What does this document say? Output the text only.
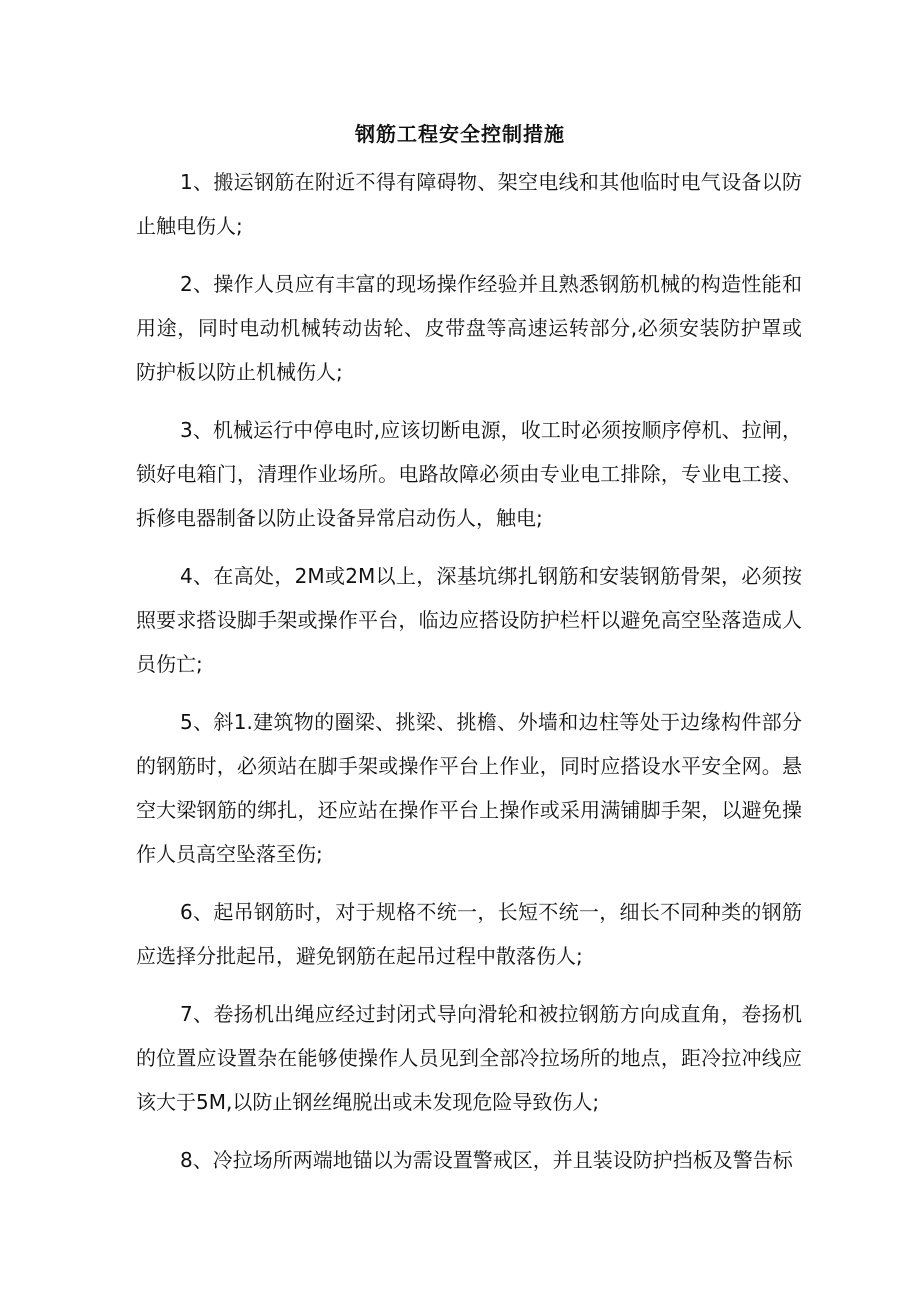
钢筋工程安全控制措施

1、搬运钢筋在附近不得有障碍物、架空电线和其他临时电气设备以防止触电伤人;

2、操作人员应有丰富的现场操作经验并且熟悉钢筋机械的构造性能和用途，同时电动机械转动齿轮、皮带盘等高速运转部分,必须安装防护罩或防护板以防止机械伤人;

3、机械运行中停电时,应该切断电源，收工时必须按顺序停机、拉闸，锁好电箱门，清理作业场所。电路故障必须由专业电工排除，专业电工接、拆修电器制备以防止设备异常启动伤人，触电;

4、在高处，2M或2M以上，深基坑绑扎钢筋和安装钢筋骨架，必须按照要求搭设脚手架或操作平台，临边应搭设防护栏杆以避免高空坠落造成人员伤亡;

5、斜1.建筑物的圈梁、挑梁、挑檐、外墙和边柱等处于边缘构件部分的钢筋时，必须站在脚手架或操作平台上作业，同时应搭设水平安全网。悬空大梁钢筋的绑扎，还应站在操作平台上操作或采用满铺脚手架，以避免操作人员高空坠落至伤;

6、起吊钢筋时，对于规格不统一，长短不统一，细长不同种类的钢筋应选择分批起吊，避免钢筋在起吊过程中散落伤人;

7、卷扬机出绳应经过封闭式导向滑轮和被拉钢筋方向成直角，卷扬机的位置应设置杂在能够使操作人员见到全部冷拉场所的地点，距冷拉冲线应该大于5M,以防止钢丝绳脱出或未发现危险导致伤人;

8、冷拉场所两端地锚以为需设置警戒区，并且装设防护挡板及警告标
